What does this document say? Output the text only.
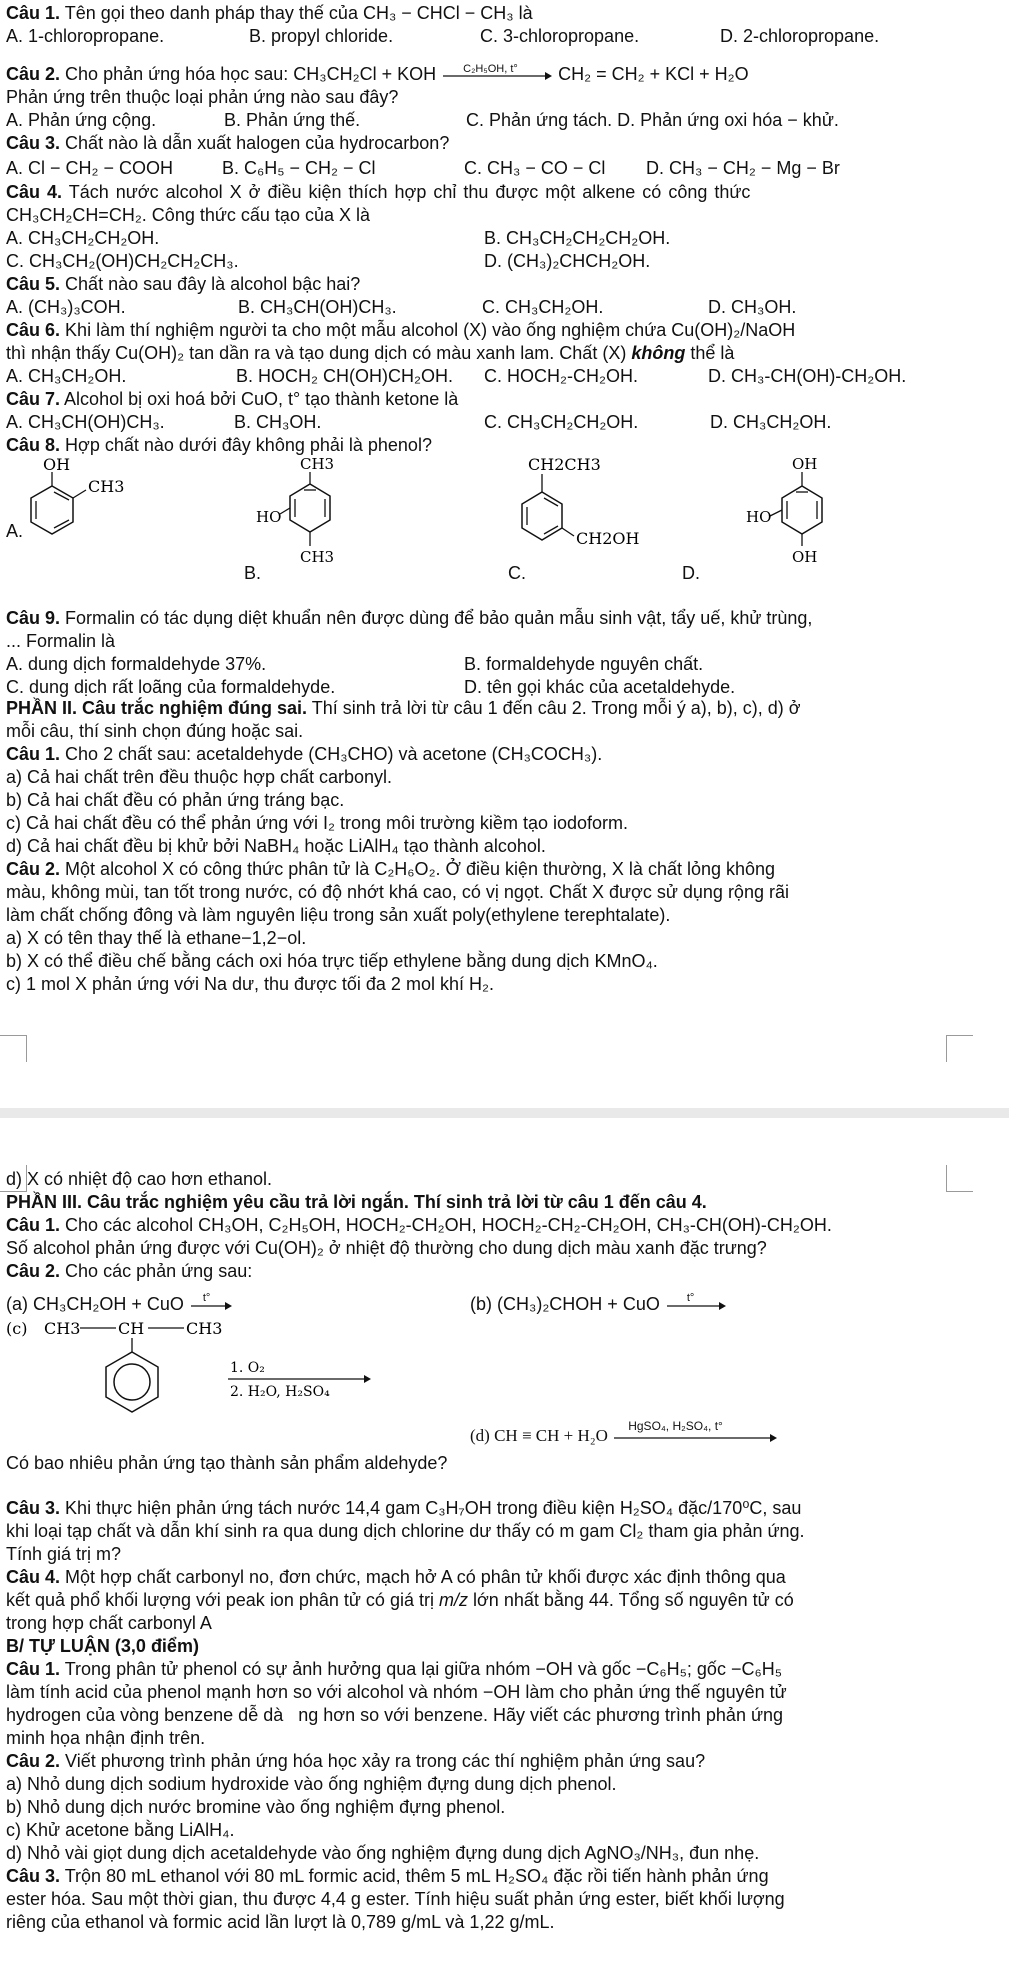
Câu 1. Tên gọi theo danh pháp thay thế của CH₃ − CHCl − CH₃ là
A. 1-chloropropane.	B. propyl chloride.	C. 3-chloropropane.	D. 2-chloropropane.
Câu 2. Cho phản ứng hóa học sau: CH₃CH₂Cl + KOH C₂H₅OH, t° CH₂ = CH₂ + KCl + H₂O
Phản ứng trên thuộc loại phản ứng nào sau đây?
A. Phản ứng cộng.	B. Phản ứng thế.	C. Phản ứng tách. D. Phản ứng oxi hóa − khử.
Câu 3. Chất nào là dẫn xuất halogen của hydrocarbon?
A. Cl − CH₂ − COOH	B. C₆H₅ − CH₂ − Cl	C. CH₃ − CO − Cl D. CH₃ − CH₂ − Mg − Br
Câu 4. Tách nước alcohol X ở điều kiện thích hợp chỉ thu được một alkene có công thức
CH₃CH₂CH=CH₂. Công thức cấu tạo của X là
A. CH₃CH₂CH₂OH.	B. CH₃CH₂CH₂CH₂OH.
C. CH₃CH₂(OH)CH₂CH₂CH₃.	D. (CH₃)₂CHCH₂OH.
Câu 5. Chất nào sau đây là alcohol bậc hai?
A. (CH₃)₃COH.	B. CH₃CH(OH)CH₃.	C. CH₃CH₂OH.	D. CH₃OH.
Câu 6. Khi làm thí nghiệm người ta cho một mẫu alcohol (X) vào ống nghiệm chứa Cu(OH)₂/NaOH
thì nhận thấy Cu(OH)₂ tan dần ra và tạo dung dịch có màu xanh lam. Chất (X) không thể là
A. CH₃CH₂OH.	B. HOCH₂ CH(OH)CH₂OH. C. HOCH₂-CH₂OH.	D. CH₃-CH(OH)-CH₂OH.
Câu 7. Alcohol bị oxi hoá bởi CuO, t° tạo thành ketone là
A. CH₃CH(OH)CH₃.	B. CH₃OH.	C. CH₃CH₂CH₂OH.	D. CH₃CH₂OH.
Câu 8. Hợp chất nào dưới đây không phải là phenol?
OH
CH3
A.
CH3
HO
CH3
B.
CH2CH3
CH2OH
C.
OH
HO
OH
D.
Câu 9. Formalin có tác dụng diệt khuẩn nên được dùng để bảo quản mẫu sinh vật, tẩy uế, khử trùng,
... Formalin là
A. dung dịch formaldehyde 37%.	B. formaldehyde nguyên chất.
C. dung dịch rất loãng của formaldehyde.	D. tên gọi khác của acetaldehyde.
PHẦN II. Câu trắc nghiệm đúng sai. Thí sinh trả lời từ câu 1 đến câu 2. Trong mỗi ý a), b), c), d) ở
mỗi câu, thí sinh chọn đúng hoặc sai.
Câu 1. Cho 2 chất sau: acetaldehyde (CH₃CHO) và acetone (CH₃COCH₃).
a) Cả hai chất trên đều thuộc hợp chất carbonyl.
b) Cả hai chất đều có phản ứng tráng bạc.
c) Cả hai chất đều có thể phản ứng với I₂ trong môi trường kiềm tạo iodoform.
d) Cả hai chất đều bị khử bởi NaBH₄ hoặc LiAlH₄ tạo thành alcohol.
Câu 2. Một alcohol X có công thức phân tử là C₂H₆O₂. Ở điều kiện thường, X là chất lỏng không
màu, không mùi, tan tốt trong nước, có độ nhớt khá cao, có vị ngọt. Chất X được sử dụng rộng rãi
làm chất chống đông và làm nguyên liệu trong sản xuất poly(ethylene terephtalate).
a) X có tên thay thế là ethane−1,2−ol.
b) X có thể điều chế bằng cách oxi hóa trực tiếp ethylene bằng dung dịch KMnO₄.
c) 1 mol X phản ứng với Na dư, thu được tối đa 2 mol khí H₂.
d) X có nhiệt độ cao hơn ethanol.
PHẦN III. Câu trắc nghiệm yêu cầu trả lời ngắn. Thí sinh trả lời từ câu 1 đến câu 4.
Câu 1. Cho các alcohol CH₃OH, C₂H₅OH, HOCH₂-CH₂OH, HOCH₂-CH₂-CH₂OH, CH₃-CH(OH)-CH₂OH.
Số alcohol phản ứng được với Cu(OH)₂ ở nhiệt độ thường cho dung dịch màu xanh đặc trưng?
Câu 2. Cho các phản ứng sau:
(a) CH₃CH₂OH + CuO t°	(b) (CH₃)₂CHOH + CuO t°
(c) CH3 CH	CH3
1. O₂
2. H₂O, H₂SO₄
(d) CH ≡ CH + H₂O HgSO₄, H₂SO₄, t°
Có bao nhiêu phản ứng tạo thành sản phẩm aldehyde?
Câu 3. Khi thực hiện phản ứng tách nước 14,4 gam C₃H₇OH trong điều kiện H₂SO₄ đặc/170⁰C, sau
khi loại tạp chất và dẫn khí sinh ra qua dung dịch chlorine dư thấy có m gam Cl₂ tham gia phản ứng.
Tính giá trị m?
Câu 4. Một hợp chất carbonyl no, đơn chức, mạch hở A có phân tử khối được xác định thông qua
kết quả phổ khối lượng với peak ion phân tử có giá trị m/z lớn nhất bằng 44. Tổng số nguyên tử có
trong hợp chất carbonyl A
B/ TỰ LUẬN (3,0 điểm)
Câu 1. Trong phân tử phenol có sự ảnh hưởng qua lại giữa nhóm −OH và gốc −C₆H₅; gốc −C₆H₅
làm tính acid của phenol mạnh hơn so với alcohol và nhóm −OH làm cho phản ứng thế nguyên tử
hydrogen của vòng benzene dễ dà   ng hơn so với benzene. Hãy viết các phương trình phản ứng
minh họa nhận định trên.
Câu 2. Viết phương trình phản ứng hóa học xảy ra trong các thí nghiệm phản ứng sau?
a) Nhỏ dung dịch sodium hydroxide vào ống nghiệm đựng dung dịch phenol.
b) Nhỏ dung dịch nước bromine vào ống nghiệm đựng phenol.
c) Khử acetone bằng LiAlH₄.
d) Nhỏ vài giọt dung dịch acetaldehyde vào ống nghiệm đựng dung dịch AgNO₃/NH₃, đun nhẹ.
Câu 3. Trộn 80 mL ethanol với 80 mL formic acid, thêm 5 mL H₂SO₄ đặc rồi tiến hành phản ứng
ester hóa. Sau một thời gian, thu được 4,4 g ester. Tính hiệu suất phản ứng ester, biết khối lượng
riêng của ethanol và formic acid lần lượt là 0,789 g/mL và 1,22 g/mL.
